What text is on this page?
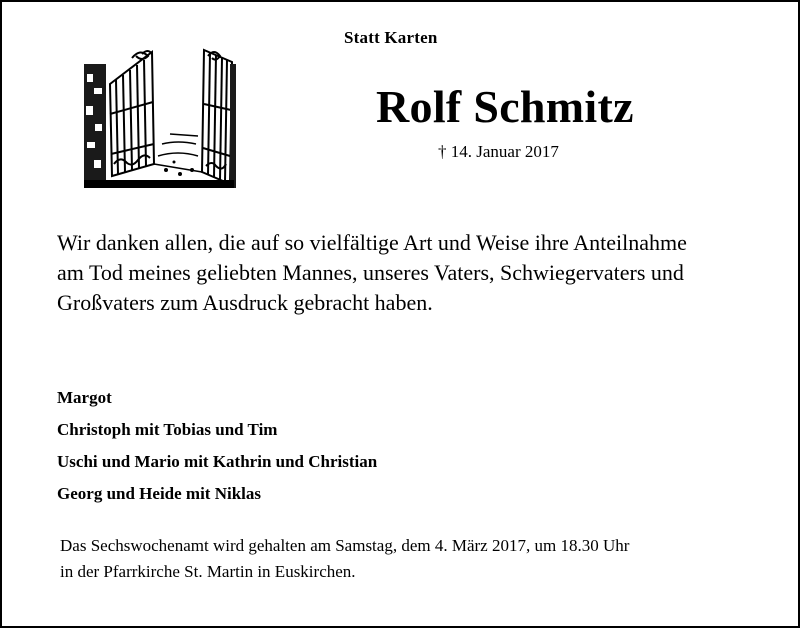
Statt Karten
Rolf Schmitz
† 14. Januar 2017
Wir danken allen, die auf so vielfältige Art und Weise ihre Anteilnahme
am Tod meines geliebten Mannes, unseres Vaters, Schwiegervaters und
Großvaters zum Ausdruck gebracht haben.
Margot
Christoph mit Tobias und Tim
Uschi und Mario mit Kathrin und Christian
Georg und Heide mit Niklas
Das Sechswochenamt wird gehalten am Samstag, dem 4. März 2017, um 18.30 Uhr
in der Pfarrkirche St. Martin in Euskirchen.
